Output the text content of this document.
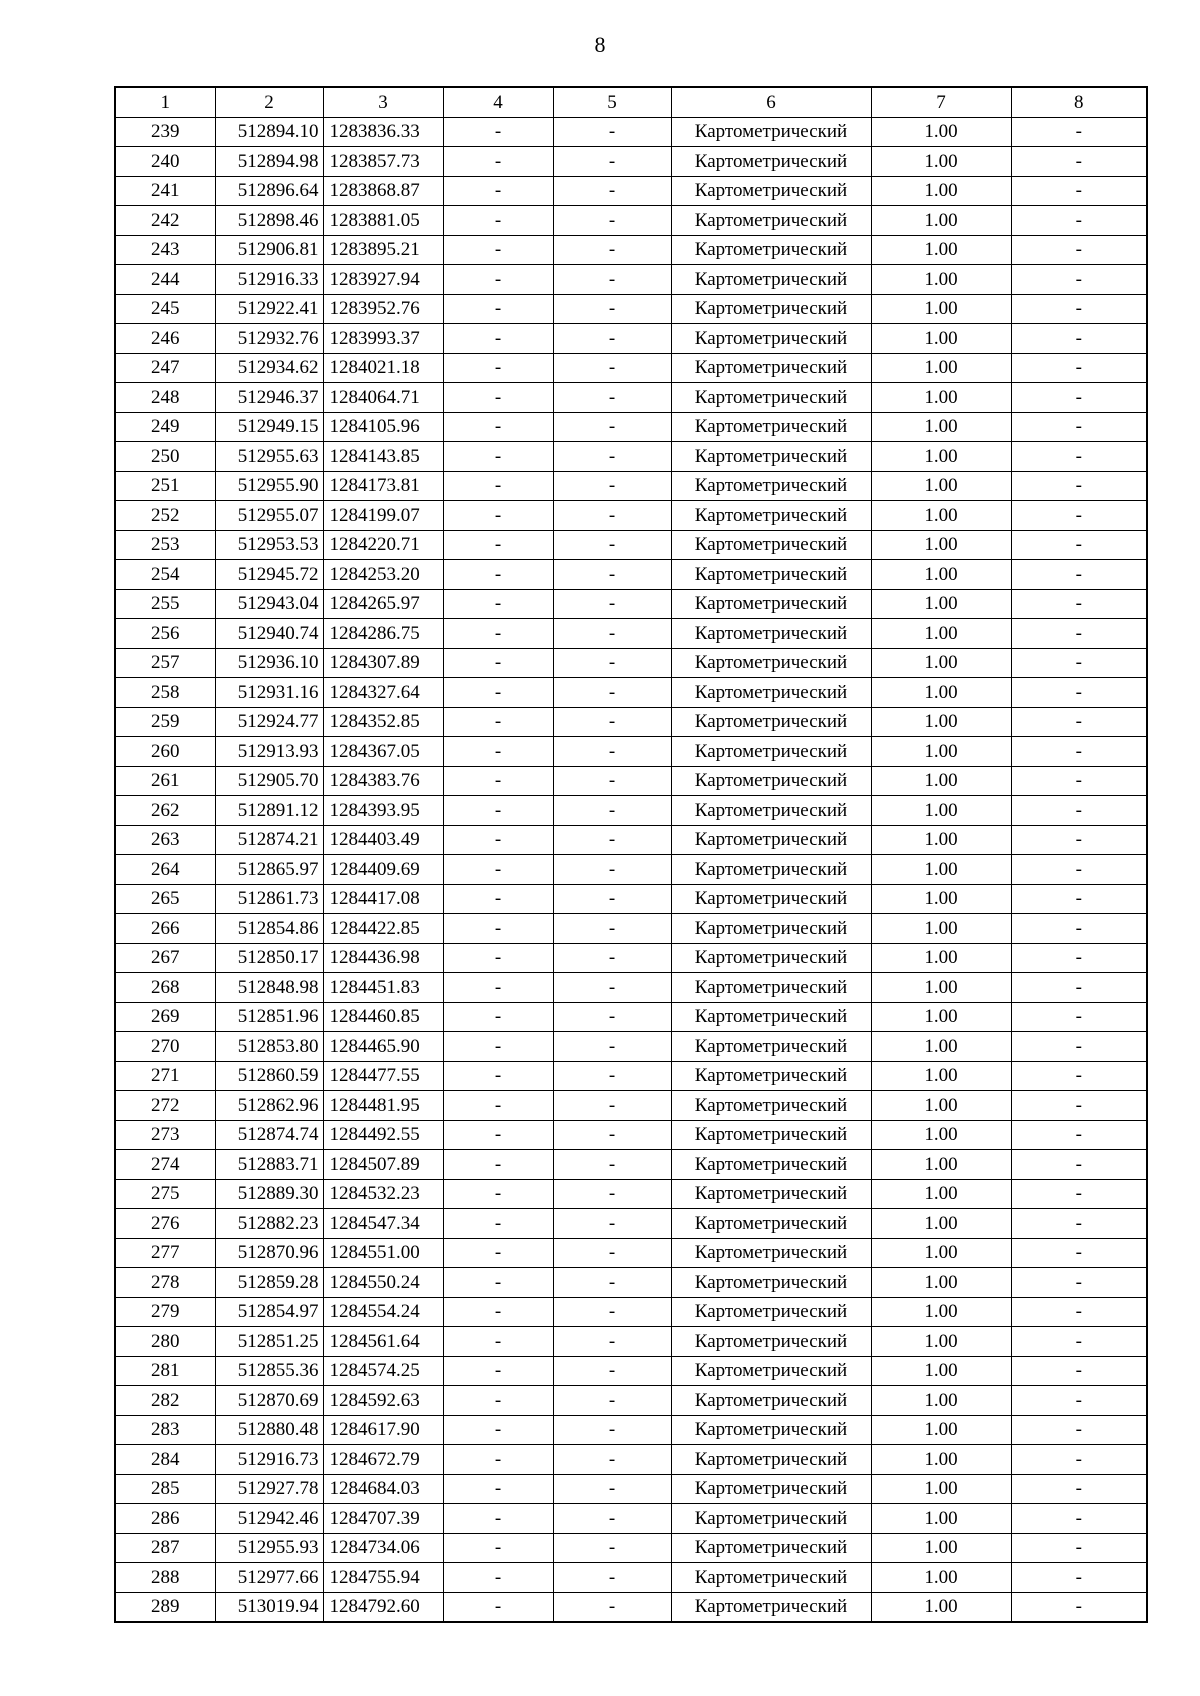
8
1	2	3	4	5	6	7	8
239	512894.10	1283836.33	-	-	Картометрический	1.00	-
240	512894.98	1283857.73	-	-	Картометрический	1.00	-
241	512896.64	1283868.87	-	-	Картометрический	1.00	-
242	512898.46	1283881.05	-	-	Картометрический	1.00	-
243	512906.81	1283895.21	-	-	Картометрический	1.00	-
244	512916.33	1283927.94	-	-	Картометрический	1.00	-
245	512922.41	1283952.76	-	-	Картометрический	1.00	-
246	512932.76	1283993.37	-	-	Картометрический	1.00	-
247	512934.62	1284021.18	-	-	Картометрический	1.00	-
248	512946.37	1284064.71	-	-	Картометрический	1.00	-
249	512949.15	1284105.96	-	-	Картометрический	1.00	-
250	512955.63	1284143.85	-	-	Картометрический	1.00	-
251	512955.90	1284173.81	-	-	Картометрический	1.00	-
252	512955.07	1284199.07	-	-	Картометрический	1.00	-
253	512953.53	1284220.71	-	-	Картометрический	1.00	-
254	512945.72	1284253.20	-	-	Картометрический	1.00	-
255	512943.04	1284265.97	-	-	Картометрический	1.00	-
256	512940.74	1284286.75	-	-	Картометрический	1.00	-
257	512936.10	1284307.89	-	-	Картометрический	1.00	-
258	512931.16	1284327.64	-	-	Картометрический	1.00	-
259	512924.77	1284352.85	-	-	Картометрический	1.00	-
260	512913.93	1284367.05	-	-	Картометрический	1.00	-
261	512905.70	1284383.76	-	-	Картометрический	1.00	-
262	512891.12	1284393.95	-	-	Картометрический	1.00	-
263	512874.21	1284403.49	-	-	Картометрический	1.00	-
264	512865.97	1284409.69	-	-	Картометрический	1.00	-
265	512861.73	1284417.08	-	-	Картометрический	1.00	-
266	512854.86	1284422.85	-	-	Картометрический	1.00	-
267	512850.17	1284436.98	-	-	Картометрический	1.00	-
268	512848.98	1284451.83	-	-	Картометрический	1.00	-
269	512851.96	1284460.85	-	-	Картометрический	1.00	-
270	512853.80	1284465.90	-	-	Картометрический	1.00	-
271	512860.59	1284477.55	-	-	Картометрический	1.00	-
272	512862.96	1284481.95	-	-	Картометрический	1.00	-
273	512874.74	1284492.55	-	-	Картометрический	1.00	-
274	512883.71	1284507.89	-	-	Картометрический	1.00	-
275	512889.30	1284532.23	-	-	Картометрический	1.00	-
276	512882.23	1284547.34	-	-	Картометрический	1.00	-
277	512870.96	1284551.00	-	-	Картометрический	1.00	-
278	512859.28	1284550.24	-	-	Картометрический	1.00	-
279	512854.97	1284554.24	-	-	Картометрический	1.00	-
280	512851.25	1284561.64	-	-	Картометрический	1.00	-
281	512855.36	1284574.25	-	-	Картометрический	1.00	-
282	512870.69	1284592.63	-	-	Картометрический	1.00	-
283	512880.48	1284617.90	-	-	Картометрический	1.00	-
284	512916.73	1284672.79	-	-	Картометрический	1.00	-
285	512927.78	1284684.03	-	-	Картометрический	1.00	-
286	512942.46	1284707.39	-	-	Картометрический	1.00	-
287	512955.93	1284734.06	-	-	Картометрический	1.00	-
288	512977.66	1284755.94	-	-	Картометрический	1.00	-
289	513019.94	1284792.60	-	-	Картометрический	1.00	-
